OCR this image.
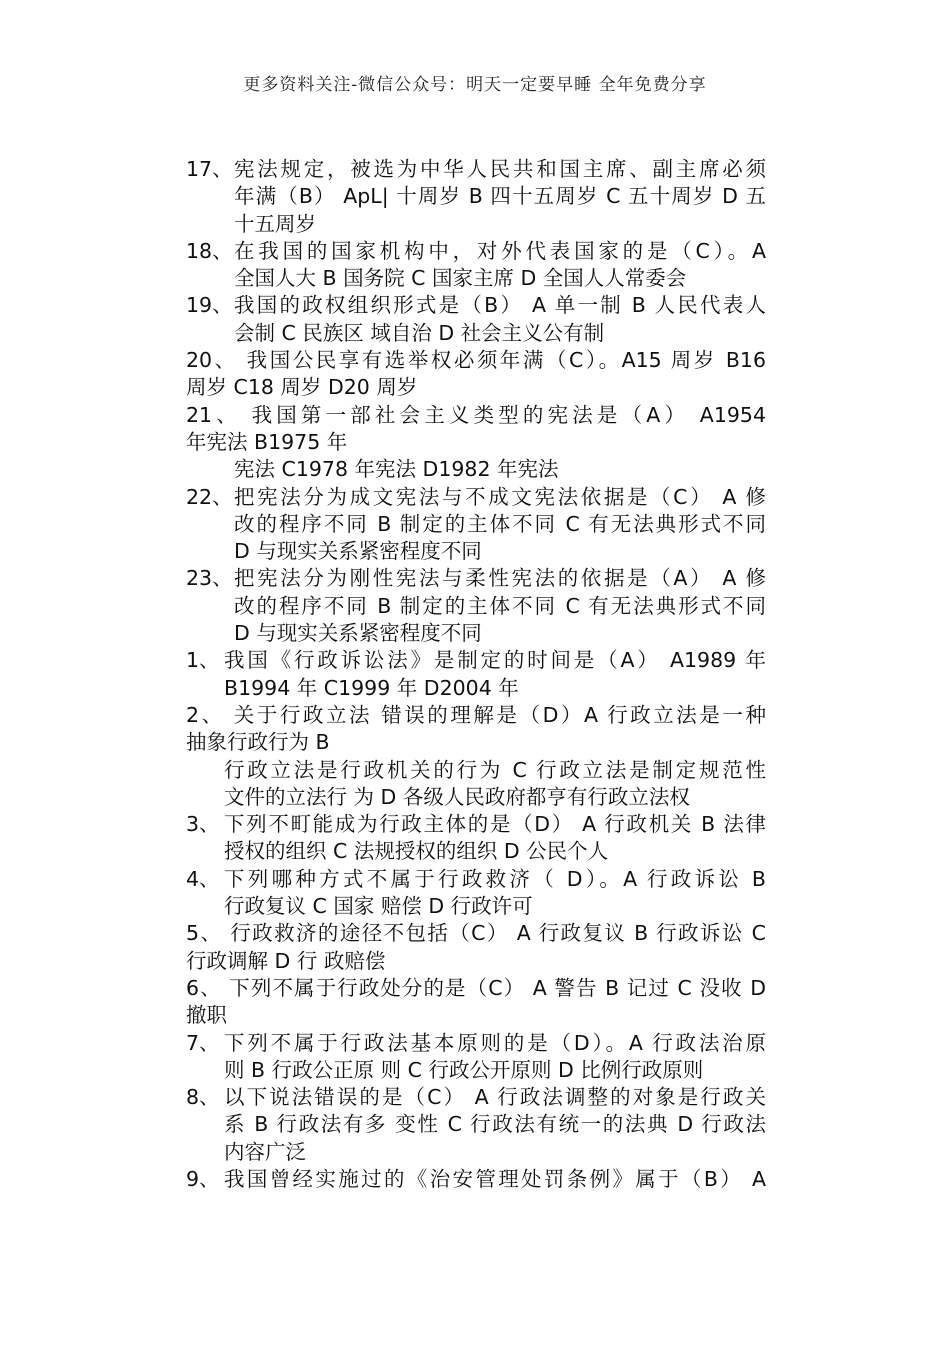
更多资料关注-微信公众号：明天一定要早睡 全年免费分享
17、 宪法规定，被选为中华人民共和国主席、副主席必须
年满（B） ApL| 十周岁 B 四十五周岁 C 五十周岁 D 五
十五周岁
18、 在我国的国家机构中，对外代表国家的是（C）。A
全国人大 B 国务院 C 国家主席 D 全国人人常委会
19、 我国的政权组织形式是（B） A 单一制 B 人民代表人
会制 C 民族区 域自治 D 社会主义公有制
20、 我国公民享有选举权必须年满（C）。A15 周岁 B16
周岁 C18 周岁 D20 周岁
21、 我国第一部社会主义类型的宪法是（A） A1954
年宪法 B1975 年
宪法 C1978 年宪法 D1982 年宪法
22、 把宪法分为成文宪法与不成文宪法依据是（C） A 修
改的程序不同 B 制定的主体不同 C 有无法典形式不同
D 与现实关系紧密程度不同
23、 把宪法分为刚性宪法与柔性宪法的依据是（A） A 修
改的程序不同 B 制定的主体不同 C 有无法典形式不同
D 与现实关系紧密程度不同
1、 我国《行政诉讼法》是制定的时间是（A） A1989 年
B1994 年 C1999 年 D2004 年
2、 关于行政立法 错误的理解是（D）A 行政立法是一种
抽象行政行为 B
行政立法是行政机关的行为 C 行政立法是制定规范性
文件的立法行 为 D 各级人民政府都亨有行政立法权
3、 下列不町能成为行政主体的是（D） A 行政机关 B 法律
授权的组织 C 法规授权的组织 D 公民个人
4、 下列哪种方式不属于行政救济（ D）。A 行政诉讼 B
行政复议 C 国家 赔偿 D 行政许可
5、 行政救济的途径不包括（C） A 行政复议 B 行政诉讼 C
行政调解 D 行 政赔偿
6、 下列不属于行政处分的是（C） A 警告 B 记过 C 没收 D
撤职
7、 下列不属于行政法基本原则的是（D）。A 行政法治原
则 B 行政公正原 则 C 行政公开原则 D 比例行政原则
8、 以下说法错误的是（C） A 行政法调整的对象是行政关
系 B 行政法有多 变性 C 行政法有统一的法典 D 行政法
内容广泛
9、 我国曾经实施过的《治安管理处罚条例》属于（B） A
